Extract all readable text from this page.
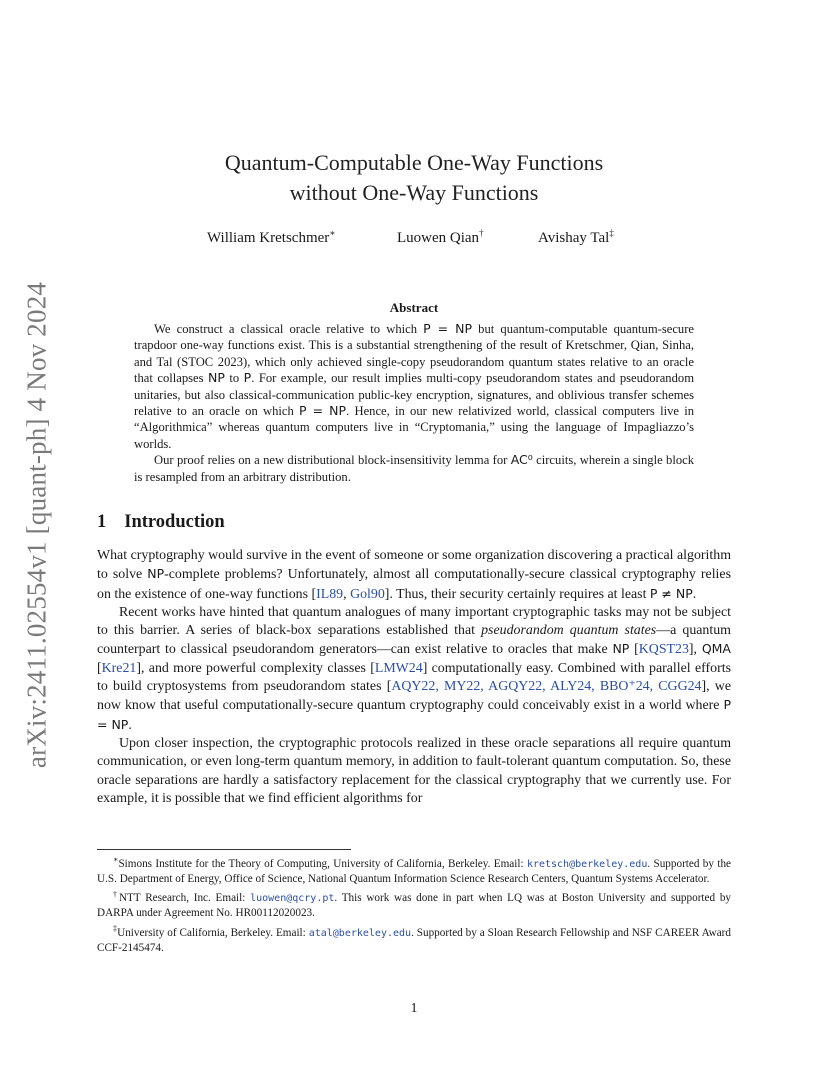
arXiv:2411.02554v1 [quant-ph] 4 Nov 2024
Quantum-Computable One-Way Functions
without One-Way Functions
William Kretschmer∗	Luowen Qian†	Avishay Tal‡
Abstract

We construct a classical oracle relative to which P = NP but quantum-computable quantum-secure trapdoor one-way functions exist. This is a substantial strengthening of the result of Kretschmer, Qian, Sinha, and Tal (STOC 2023), which only achieved single-copy pseudorandom quantum states relative to an oracle that collapses NP to P. For example, our result implies multi-copy pseudorandom states and pseudorandom unitaries, but also classical-communication public-key encryption, signatures, and oblivious transfer schemes relative to an oracle on which P = NP. Hence, in our new relativized world, classical computers live in “Algorithmica” whereas quantum computers live in “Cryptomania,” using the language of Impagliazzo’s worlds.

Our proof relies on a new distributional block-insensitivity lemma for AC⁰ circuits, wherein a single block is resampled from an arbitrary distribution.

1 Introduction

What cryptography would survive in the event of someone or some organization discovering a practical algorithm to solve NP-complete problems? Unfortunately, almost all computationally-secure classical cryptography relies on the existence of one-way functions [IL89, Gol90]. Thus, their security certainly requires at least P ≠ NP.

Recent works have hinted that quantum analogues of many important cryptographic tasks may not be subject to this barrier. A series of black-box separations established that pseudorandom quantum states—a quantum counterpart to classical pseudorandom generators—can exist relative to oracles that make NP [KQST23], QMA [Kre21], and more powerful complexity classes [LMW24] computationally easy. Combined with parallel efforts to build cryptosystems from pseudorandom states [AQY22, MY22, AGQY22, ALY24, BBO⁺24, CGG24], we now know that useful computationally-secure quantum cryptography could conceivably exist in a world where P = NP.

Upon closer inspection, the cryptographic protocols realized in these oracle separations all require quantum communication, or even long-term quantum memory, in addition to fault-tolerant quantum computation. So, these oracle separations are hardly a satisfactory replacement for the classical cryptography that we currently use. For example, it is possible that we find efficient algorithms for

∗Simons Institute for the Theory of Computing, University of California, Berkeley. Email: kretsch@berkeley.edu. Supported by the U.S. Department of Energy, Office of Science, National Quantum Information Science Research Centers, Quantum Systems Accelerator.

†NTT Research, Inc. Email: luowen@qcry.pt. This work was done in part when LQ was at Boston University and supported by DARPA under Agreement No. HR00112020023.

‡University of California, Berkeley. Email: atal@berkeley.edu. Supported by a Sloan Research Fellowship and NSF CAREER Award CCF-2145474.

1
